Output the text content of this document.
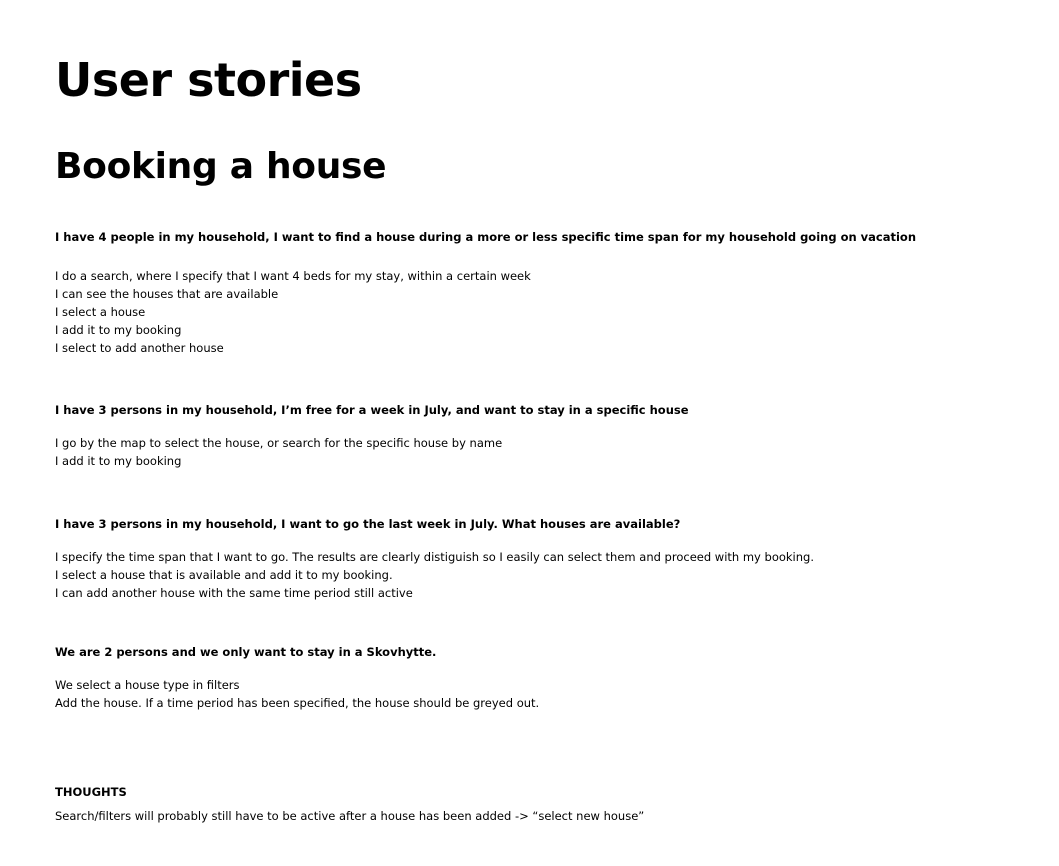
User stories
Booking a house

I have 4 people in my household, I want to find a house during a more or less specific time span for my household going on vacation

I do a search, where I specify that I want 4 beds for my stay, within a certain week
I can see the houses that are available
I select a house
I add it to my booking
I select to add another house

I have 3 persons in my household, I’m free for a week in July, and want to stay in a specific house

I go by the map to select the house, or search for the specific house by name
I add it to my booking

I have 3 persons in my household, I want to go the last week in July. What houses are available?

I specify the time span that I want to go. The results are clearly distiguish so I easily can select them and proceed with my booking.
I select a house that is available and add it to my booking.
I can add another house with the same time period still active

We are 2 persons and we only want to stay in a Skovhytte.

We select a house type in filters
Add the house. If a time period has been specified, the house should be greyed out.

THOUGHTS

Search/filters will probably still have to be active after a house has been added -> “select new house”
